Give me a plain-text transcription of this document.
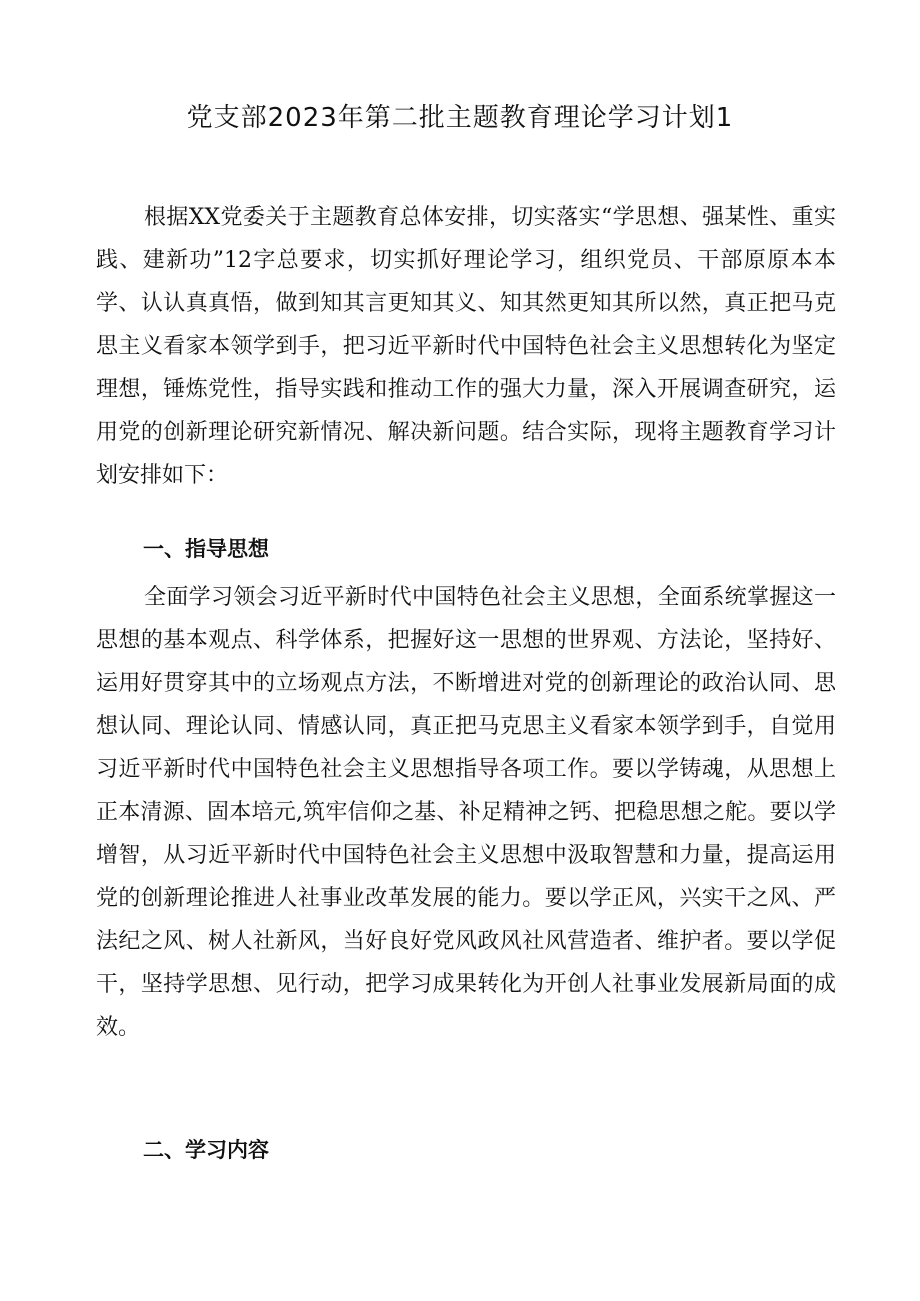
党支部2023年第二批主题教育理论学习计划1

根据XX党委关于主题教育总体安排，切实落实“学思想、强某性、重实践、建新功”12字总要求，切实抓好理论学习，组织党员、干部原原本本学、认认真真悟，做到知其言更知其义、知其然更知其所以然，真正把马克思主义看家本领学到手，把习近平新时代中国特色社会主义思想转化为坚定理想，锤炼党性，指导实践和推动工作的强大力量，深入开展调查研究，运用党的创新理论研究新情况、解决新问题。结合实际，现将主题教育学习计划安排如下：

一、指导思想

全面学习领会习近平新时代中国特色社会主义思想，全面系统掌握这一思想的基本观点、科学体系，把握好这一思想的世界观、方法论，坚持好、运用好贯穿其中的立场观点方法，不断增进对党的创新理论的政治认同、思想认同、理论认同、情感认同，真正把马克思主义看家本领学到手，自觉用习近平新时代中国特色社会主义思想指导各项工作。要以学铸魂，从思想上正本清源、固本培元,筑牢信仰之基、补足精神之钙、把稳思想之舵。要以学增智，从习近平新时代中国特色社会主义思想中汲取智慧和力量，提高运用党的创新理论推进人社事业改革发展的能力。要以学正风，兴实干之风、严法纪之风、树人社新风，当好良好党风政风社风营造者、维护者。要以学促干，坚持学思想、见行动，把学习成果转化为开创人社事业发展新局面的成效。

二、学习内容
